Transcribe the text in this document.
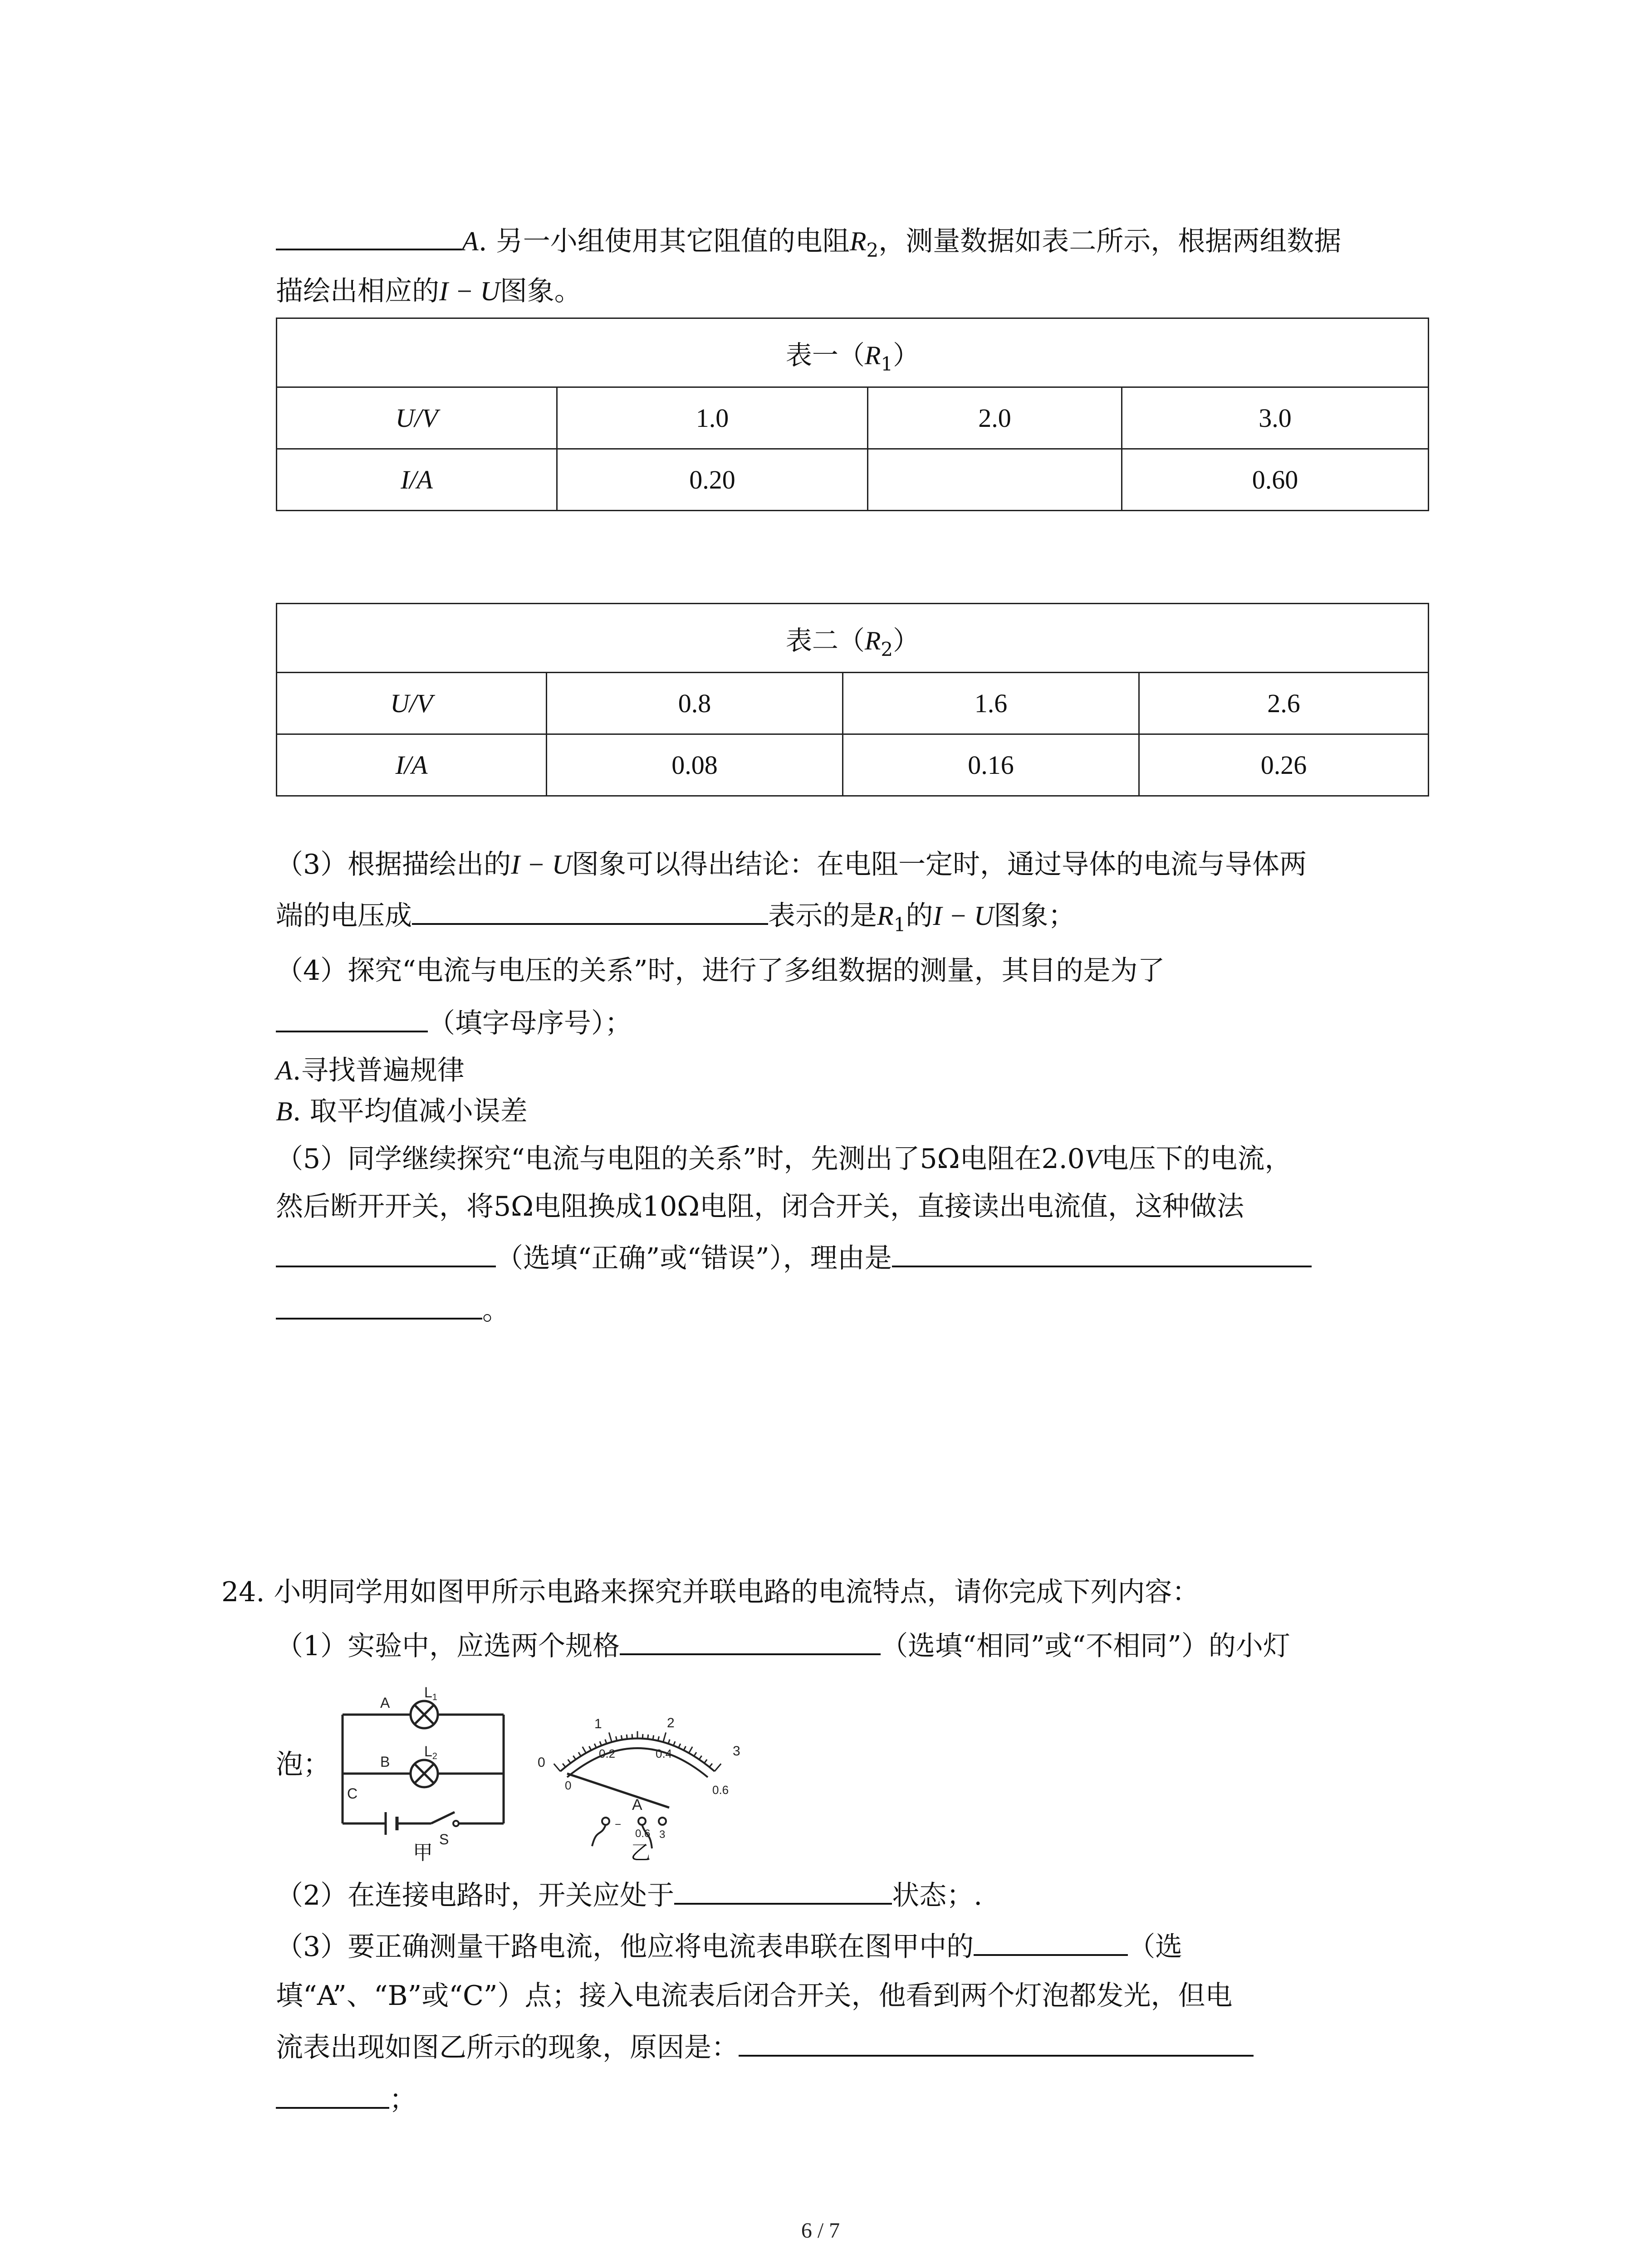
A. 另一小组使用其它阻值的电阻$R_2$，测量数据如表二所示，根据两组数据
描绘出相应的I − U图象。
表一$(R_1)$			
U/V	1.0	2.0	3.0
I/A	0.20		0.60
表二$(R_2)$			
U/V	0.8	1.6	2.6
I/A	0.08	0.16	0.26
（3）根据描绘出的I − U图象可以得出结论：在电阻一定时，通过导体的电流与导体两
端的电压成	表示的是$R_1$的I − U图象；
（4）探究“电流与电压的关系”时，进行了多组数据的测量，其目的是为了
（填字母序号）；
A.寻找普遍规律
B. 取平均值减小误差
（5）同学继续探究“电流与电阻的关系”时，先测出了5Ω电阻在2.0V电压下的电流，
然后断开开关，将5Ω电阻换成10Ω电阻，闭合开关，直接读出电流值，这种做法
（选填“正确”或“错误”），理由是
。
24. 小明同学用如图甲所示电路来探究并联电路的电流特点，请你完成下列内容：
（1）实验中，应选两个规格	（选填“相同”或“不相同”）的小灯
泡；
A
B
C
L1
L2
S
甲
0
1	2
3
0
0.2	0.4
0.6
A
−
0.6 3
乙
（2）在连接电路时，开关应处于	状态；.
（3）要正确测量干路电流，他应将电流表串联在图甲中的	（选
填“A”、“B”或“C”）点；接入电流表后闭合开关，他看到两个灯泡都发光，但电
流表出现如图乙所示的现象，原因是：
；
6 / 7
